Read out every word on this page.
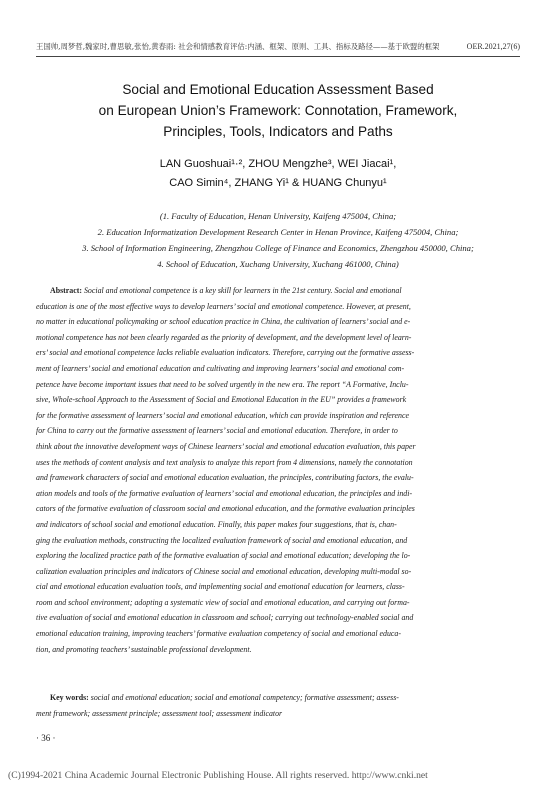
王国帅,周梦哲,魏家时,曹思敏,张怡,黄春雨: 社会和情感教育评估:内涵、框架、原则、工具、指标及路径——基于欧盟的框架	OER.2021,27(6)
Social and Emotional Education Assessment Based
on European Union’s Framework: Connotation, Framework,
Principles, Tools, Indicators and Paths
LAN Guoshuai¹·², ZHOU Mengzhe³, WEI Jiacai¹,
CAO Simin⁴, ZHANG Yi¹ & HUANG Chunyu¹
(1. Faculty of Education, Henan University, Kaifeng 475004, China;
2. Education Informatization Development Research Center in Henan Province, Kaifeng 475004, China;
3. School of Information Engineering, Zhengzhou College of Finance and Economics, Zhengzhou 450000, China;
4. School of Education, Xuchang University, Xuchang 461000, China)
Abstract: Social and emotional competence is a key skill for learners in the 21st century. Social and emotional
education is one of the most effective ways to develop learners’ social and emotional competence. However, at present,
no matter in educational policymaking or school education practice in China, the cultivation of learners’ social and e-
motional competence has not been clearly regarded as the priority of development, and the development level of learn-
ers’ social and emotional competence lacks reliable evaluation indicators. Therefore, carrying out the formative assess-
ment of learners’ social and emotional education and cultivating and improving learners’ social and emotional com-
petence have become important issues that need to be solved urgently in the new era. The report “A Formative, Inclu-
sive, Whole-school Approach to the Assessment of Social and Emotional Education in the EU” provides a framework
for the formative assessment of learners’ social and emotional education, which can provide inspiration and reference
for China to carry out the formative assessment of learners’ social and emotional education. Therefore, in order to
think about the innovative development ways of Chinese learners’ social and emotional education evaluation, this paper
uses the methods of content analysis and text analysis to analyze this report from 4 dimensions, namely the connotation
and framework characters of social and emotional education evaluation, the principles, contributing factors, the evalu-
ation models and tools of the formative evaluation of learners’ social and emotional education, the principles and indi-
cators of the formative evaluation of classroom social and emotional education, and the formative evaluation principles
and indicators of school social and emotional education. Finally, this paper makes four suggestions, that is, chan-
ging the evaluation methods, constructing the localized evaluation framework of social and emotional education, and
exploring the localized practice path of the formative evaluation of social and emotional education; developing the lo-
calization evaluation principles and indicators of Chinese social and emotional education, developing multi-modal so-
cial and emotional education evaluation tools, and implementing social and emotional education for learners, class-
room and school environment; adopting a systematic view of social and emotional education, and carrying out forma-
tive evaluation of social and emotional education in classroom and school; carrying out technology-enabled social and
emotional education training, improving teachers’ formative evaluation competency of social and emotional educa-
tion, and promoting teachers’ sustainable professional development.
Key words: social and emotional education; social and emotional competency; formative assessment; assess-
ment framework; assessment principle; assessment tool; assessment indicator
· 36 ·
(C)1994-2021 China Academic Journal Electronic Publishing House. All rights reserved. http://www.cnki.net
